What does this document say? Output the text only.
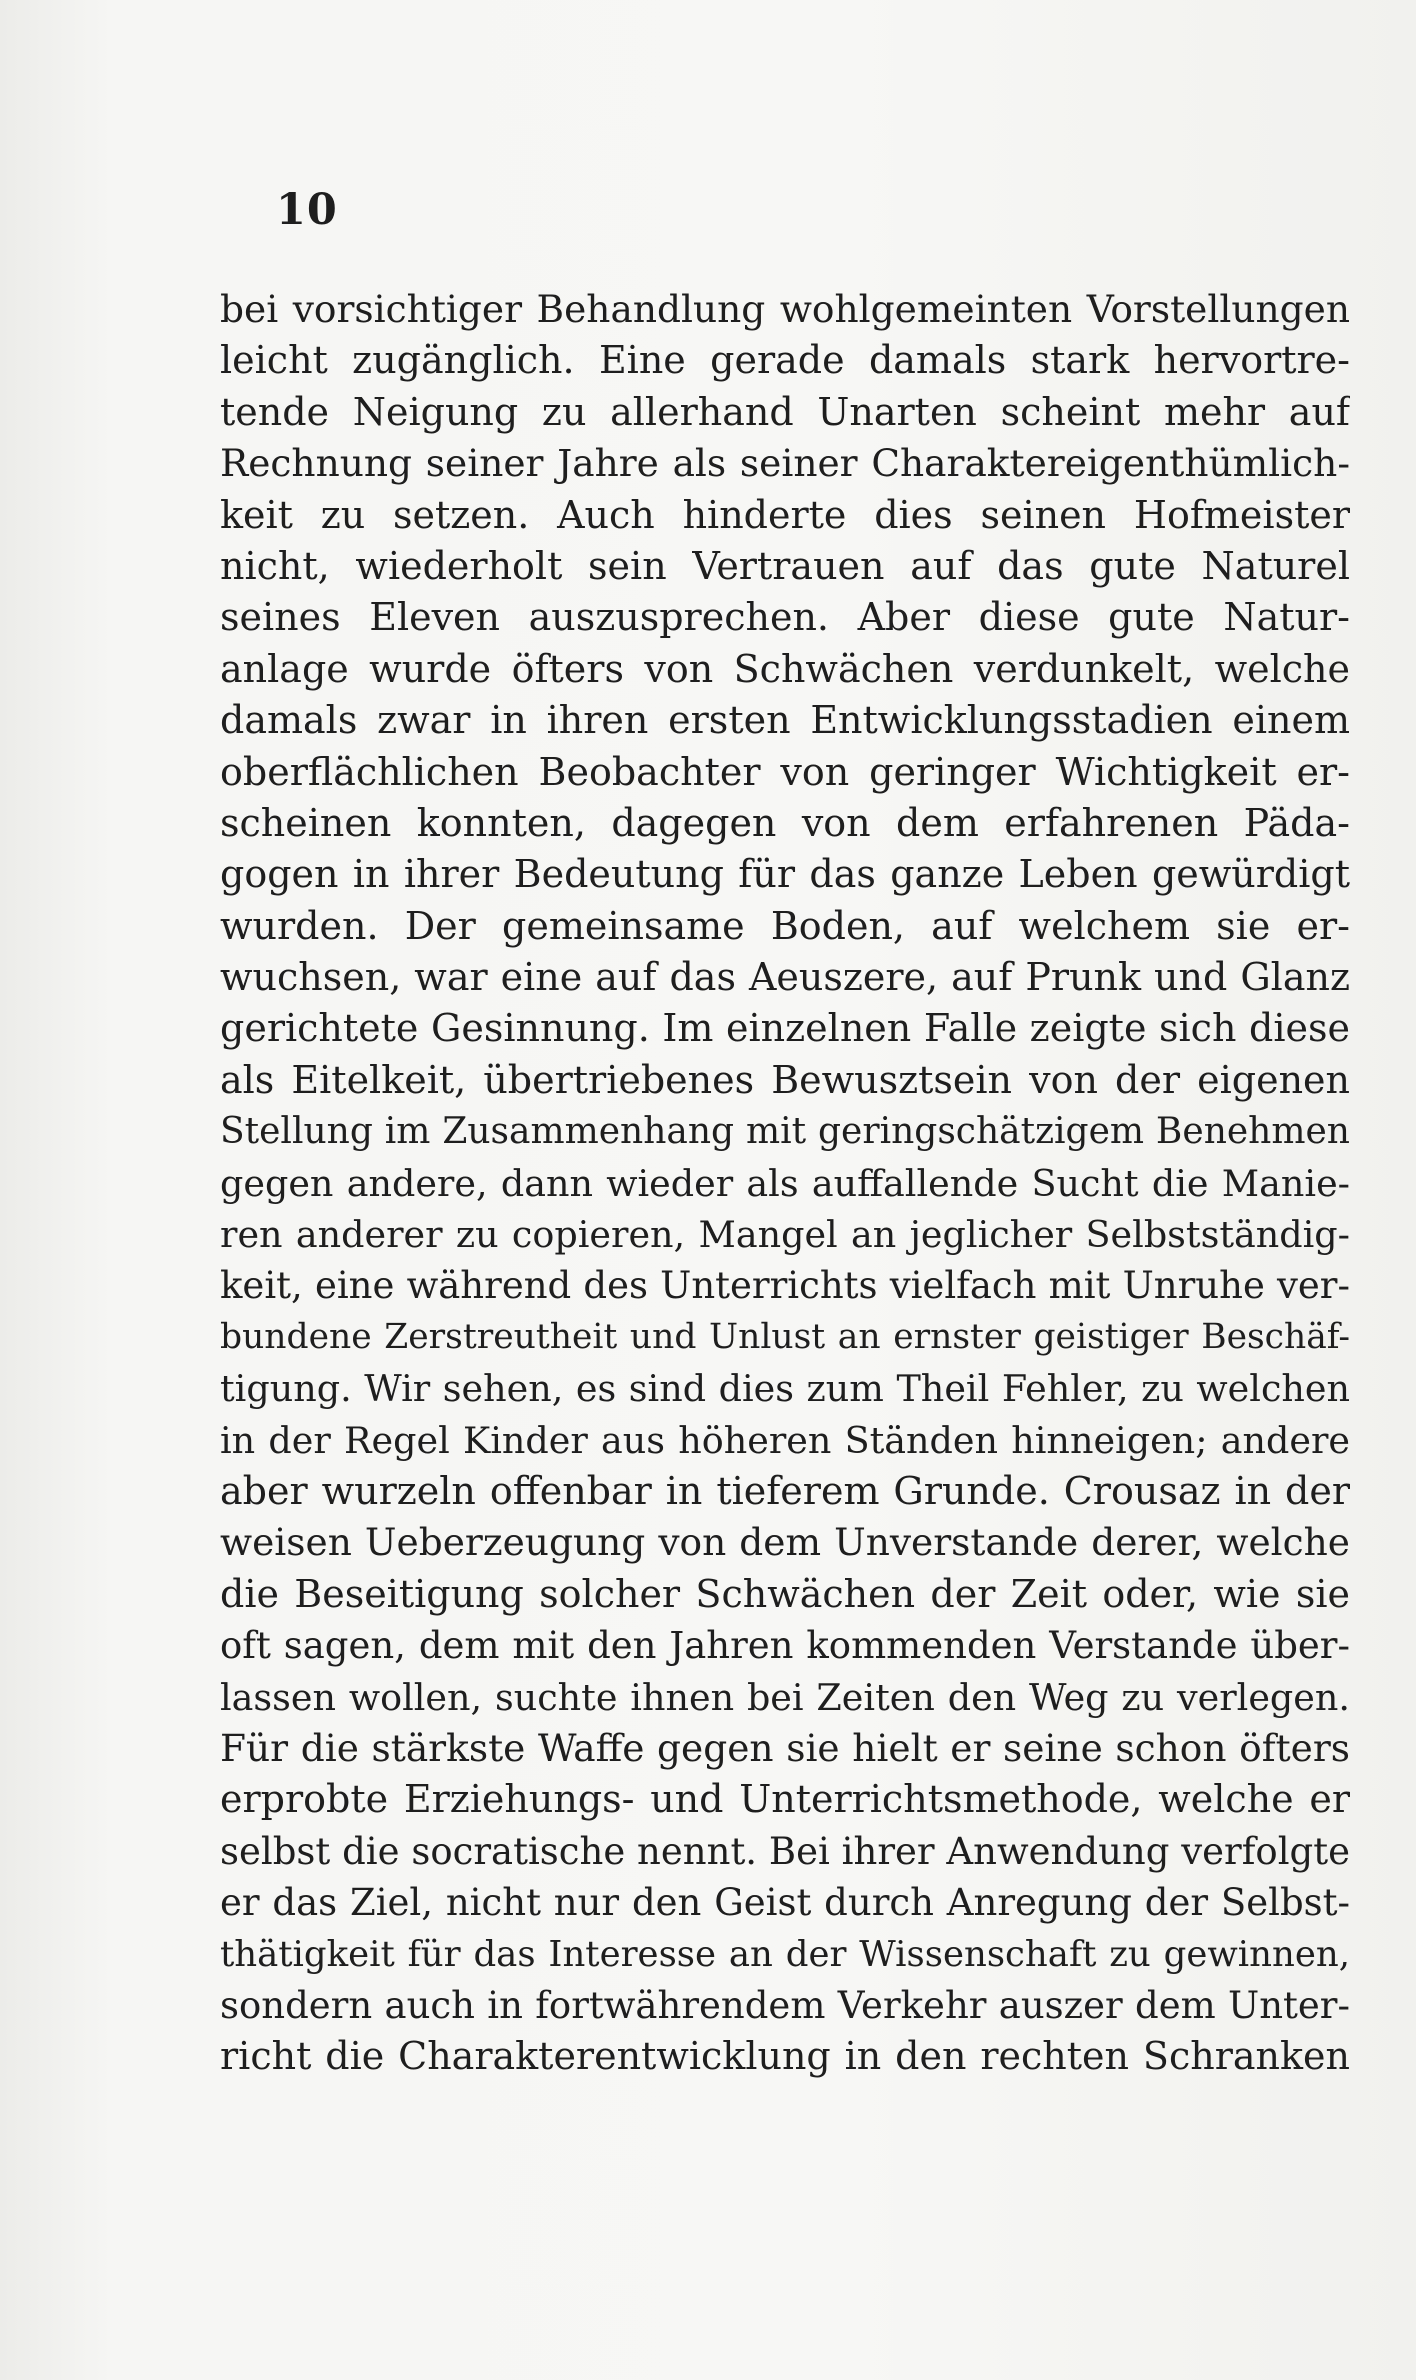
10
bei vorsichtiger Behandlung wohlgemeinten Vorstellungen
leicht zugänglich. Eine gerade damals stark hervortre-
tende Neigung zu allerhand Unarten scheint mehr auf
Rechnung seiner Jahre als seiner Charaktereigenthümlich-
keit zu setzen. Auch hinderte dies seinen Hofmeister
nicht, wiederholt sein Vertrauen auf das gute Naturel
seines Eleven auszusprechen. Aber diese gute Natur-
anlage wurde öfters von Schwächen verdunkelt, welche
damals zwar in ihren ersten Entwicklungsstadien einem
oberflächlichen Beobachter von geringer Wichtigkeit er-
scheinen konnten, dagegen von dem erfahrenen Päda-
gogen in ihrer Bedeutung für das ganze Leben gewürdigt
wurden. Der gemeinsame Boden, auf welchem sie er-
wuchsen, war eine auf das Aeuszere, auf Prunk und Glanz
gerichtete Gesinnung. Im einzelnen Falle zeigte sich diese
als Eitelkeit, übertriebenes Bewusztsein von der eigenen
Stellung im Zusammenhang mit geringschätzigem Benehmen
gegen andere, dann wieder als auffallende Sucht die Manie-
ren anderer zu copieren, Mangel an jeglicher Selbstständig-
keit, eine während des Unterrichts vielfach mit Unruhe ver-
bundene Zerstreutheit und Unlust an ernster geistiger Beschäf-
tigung. Wir sehen, es sind dies zum Theil Fehler, zu welchen
in der Regel Kinder aus höheren Ständen hinneigen; andere
aber wurzeln offenbar in tieferem Grunde. Crousaz in der
weisen Ueberzeugung von dem Unverstande derer, welche
die Beseitigung solcher Schwächen der Zeit oder, wie sie
oft sagen, dem mit den Jahren kommenden Verstande über-
lassen wollen, suchte ihnen bei Zeiten den Weg zu verlegen.
Für die stärkste Waffe gegen sie hielt er seine schon öfters
erprobte Erziehungs- und Unterrichtsmethode, welche er
selbst die socratische nennt. Bei ihrer Anwendung verfolgte
er das Ziel, nicht nur den Geist durch Anregung der Selbst-
thätigkeit für das Interesse an der Wissenschaft zu gewinnen,
sondern auch in fortwährendem Verkehr auszer dem Unter-
richt die Charakterentwicklung in den rechten Schranken
